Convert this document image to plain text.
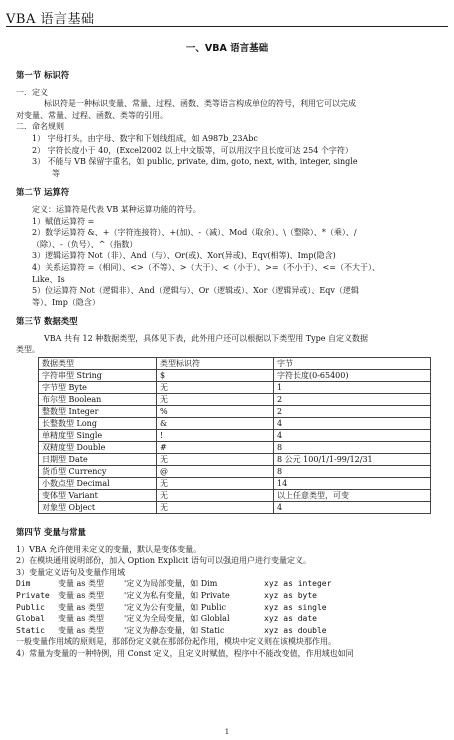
VBA 语言基础
一、VBA 语言基础

第一节 标识符

一．定义

标识符是一种标识变量、常量、过程、函数、类等语言构成单位的符号，利用它可以完成

对变量、常量、过程、函数、类等的引用。

二．命名规则

1） 字母打头，由字母、数字和下划线组成，如 A987b_23Abc

2） 字符长度小于 40，(Excel2002 以上中文版等，可以用汉字且长度可达 254 个字符）

3） 不能与 VB 保留字重名，如 public, private, dim, goto, next, with, integer, single

等

第二节 运算符

定义：运算符是代表 VB 某种运算功能的符号。

1）赋值运算符 =

2）数学运算符 &、+（字符连接符）、+(加)、-（减）、Mod（取余）、\（整除）、*（乘）、/

（除）、-（负号）、^（指数）

3）逻辑运算符 Not（非）、And（与）、Or(或)、Xor(异或)、Eqv(相等)、Imp(隐含)

4）关系运算符 =（相同）、<>（不等）、>（大于）、<（小于）、>=（不小于）、<=（不大于）、

Like、Is

5）位运算符 Not（逻辑非）、And（逻辑与）、Or（逻辑或）、Xor（逻辑异或）、Eqv（逻辑

等）、Imp（隐含）

第三节 数据类型

VBA 共有 12 种数据类型，具体见下表，此外用户还可以根据以下类型用 Type 自定义数据

类型。

数据类型	类型标识符	字节
字符串型 String	$	字符长度(0-65400)
字节型 Byte	无	1
布尔型 Boolean	无	2
整数型 Integer	%	2
长整数型 Long	&	4
单精度型 Single	!	4
双精度型 Double	#	8
日期型 Date	无	8 公元 100/1/1-99/12/31
货币型 Currency	@	8
小数点型 Decimal	无	14
变体型 Variant	无	以上任意类型，可变
对象型 Object	无	4

第四节 变量与常量

1）VBA 允许使用未定义的变量，默认是变体变量。

2）在模块通用说明部份，加入 Option Explicit 语句可以强迫用户进行变量定义。

3）变量定义语句及变量作用域

Dim	变量 as 类型	'定义为局部变量，如 Dim	xyz as integer
Private	变量 as 类型	'定义为私有变量，如 Private	xyz as byte
Public	变量 as 类型	'定义为公有变量，如 Public	xyz as single
Global	变量 as 类型	'定义为全局变量，如 Globlal	xyz as date
Static	变量 as 类型	'定义为静态变量，如 Static	xyz as double

一般变量作用域的原则是，那部份定义就在那部份起作用，模块中定义则在该模块那作用。

4）常量为变量的一种特例，用 Const 定义，且定义时赋值，程序中不能改变值，作用域也如同

1
